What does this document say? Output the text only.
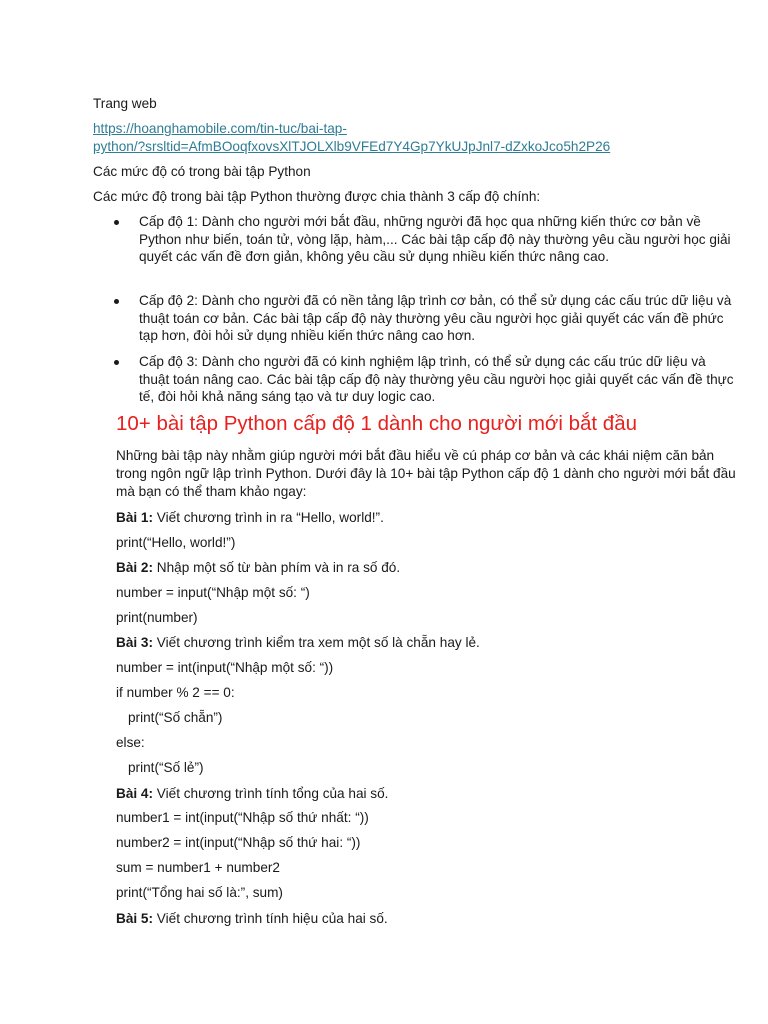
Trang web

https://hoanghamobile.com/tin-tuc/bai-tap-

python/?srsltid=AfmBOoqfxovsXlTJOLXlb9VFEd7Y4Gp7YkUJpJnl7-dZxkoJco5h2P26

Các mức độ có trong bài tập Python

Các mức độ trong bài tập Python thường được chia thành 3 cấp độ chính:

Cấp độ 1: Dành cho người mới bắt đầu, những người đã học qua những kiến thức cơ bản về Python như biến, toán tử, vòng lặp, hàm,... Các bài tập cấp độ này thường yêu cầu người học giải quyết các vấn đề đơn giản, không yêu cầu sử dụng nhiều kiến thức nâng cao.
Cấp độ 2: Dành cho người đã có nền tảng lập trình cơ bản, có thể sử dụng các cấu trúc dữ liệu và thuật toán cơ bản. Các bài tập cấp độ này thường yêu cầu người học giải quyết các vấn đề phức tạp hơn, đòi hỏi sử dụng nhiều kiến thức nâng cao hơn.
Cấp độ 3: Dành cho người đã có kinh nghiệm lập trình, có thể sử dụng các cấu trúc dữ liệu và thuật toán nâng cao. Các bài tập cấp độ này thường yêu cầu người học giải quyết các vấn đề thực tế, đòi hỏi khả năng sáng tạo và tư duy logic cao.
10+ bài tập Python cấp độ 1 dành cho người mới bắt đầu

Những bài tập này nhằm giúp người mới bắt đầu hiểu về cú pháp cơ bản và các khái niệm căn bản trong ngôn ngữ lập trình Python. Dưới đây là 10+ bài tập Python cấp độ 1 dành cho người mới bắt đầu mà bạn có thể tham khảo ngay:

Bài 1: Viết chương trình in ra “Hello, world!”.

print(“Hello, world!”)

Bài 2: Nhập một số từ bàn phím và in ra số đó.

number = input(“Nhập một số: “)

print(number)

Bài 3: Viết chương trình kiểm tra xem một số là chẵn hay lẻ.

number = int(input(“Nhập một số: “))

if number % 2 == 0:

print(“Số chẵn”)

else:

print(“Số lẻ”)

Bài 4: Viết chương trình tính tổng của hai số.

number1 = int(input(“Nhập số thứ nhất: “))

number2 = int(input(“Nhập số thứ hai: “))

sum = number1 + number2

print(“Tổng hai số là:”, sum)

Bài 5: Viết chương trình tính hiệu của hai số.
